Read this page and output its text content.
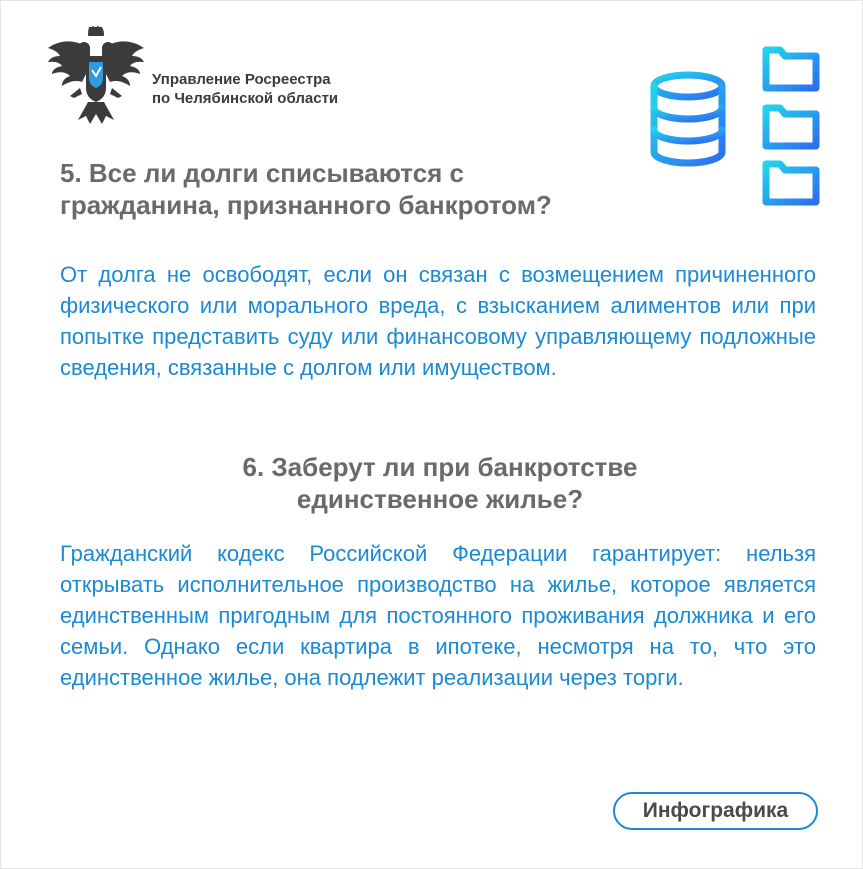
Управление Росреестра
по Челябинской области
5. Все ли долги списываются с
гражданина, признанного банкротом?

От долга не освободят, если он связан с возмещением причиненного физического или морального вреда, с взысканием алиментов или при попытке представить суду или финансовому управляющему подложные сведения, связанные с долгом или имуществом.

6. Заберут ли при банкротстве
единственное жилье?

Гражданский кодекс Российской Федерации гарантирует: нельзя открывать исполнительное производство на жилье, которое является единственным пригодным для постоянного проживания должника и его семьи. Однако если квартира в ипотеке, несмотря на то, что это единственное жилье, она подлежит реализации через торги.

Инфографика
